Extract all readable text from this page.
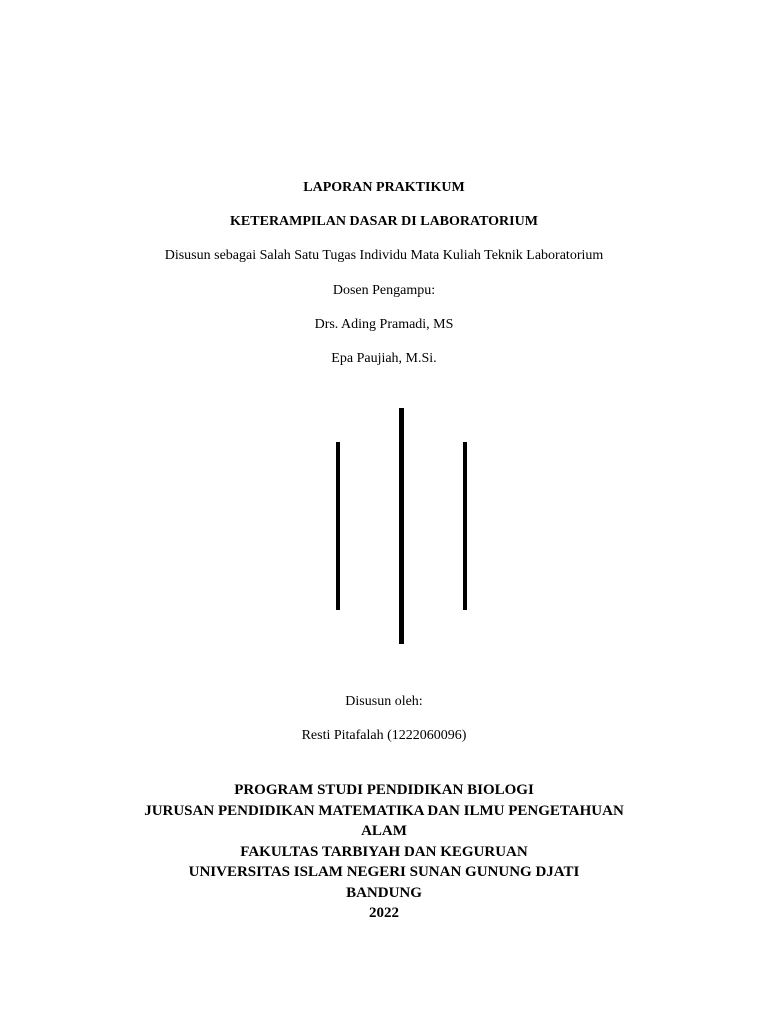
LAPORAN PRAKTIKUM
KETERAMPILAN DASAR DI LABORATORIUM
Disusun sebagai Salah Satu Tugas Individu Mata Kuliah Teknik Laboratorium
Dosen Pengampu:
Drs. Ading Pramadi, MS
Epa Paujiah, M.Si.
Disusun oleh:
Resti Pitafalah (1222060096)
PROGRAM STUDI PENDIDIKAN BIOLOGI
JURUSAN PENDIDIKAN MATEMATIKA DAN ILMU PENGETAHUAN
ALAM
FAKULTAS TARBIYAH DAN KEGURUAN
UNIVERSITAS ISLAM NEGERI SUNAN GUNUNG DJATI
BANDUNG
2022
